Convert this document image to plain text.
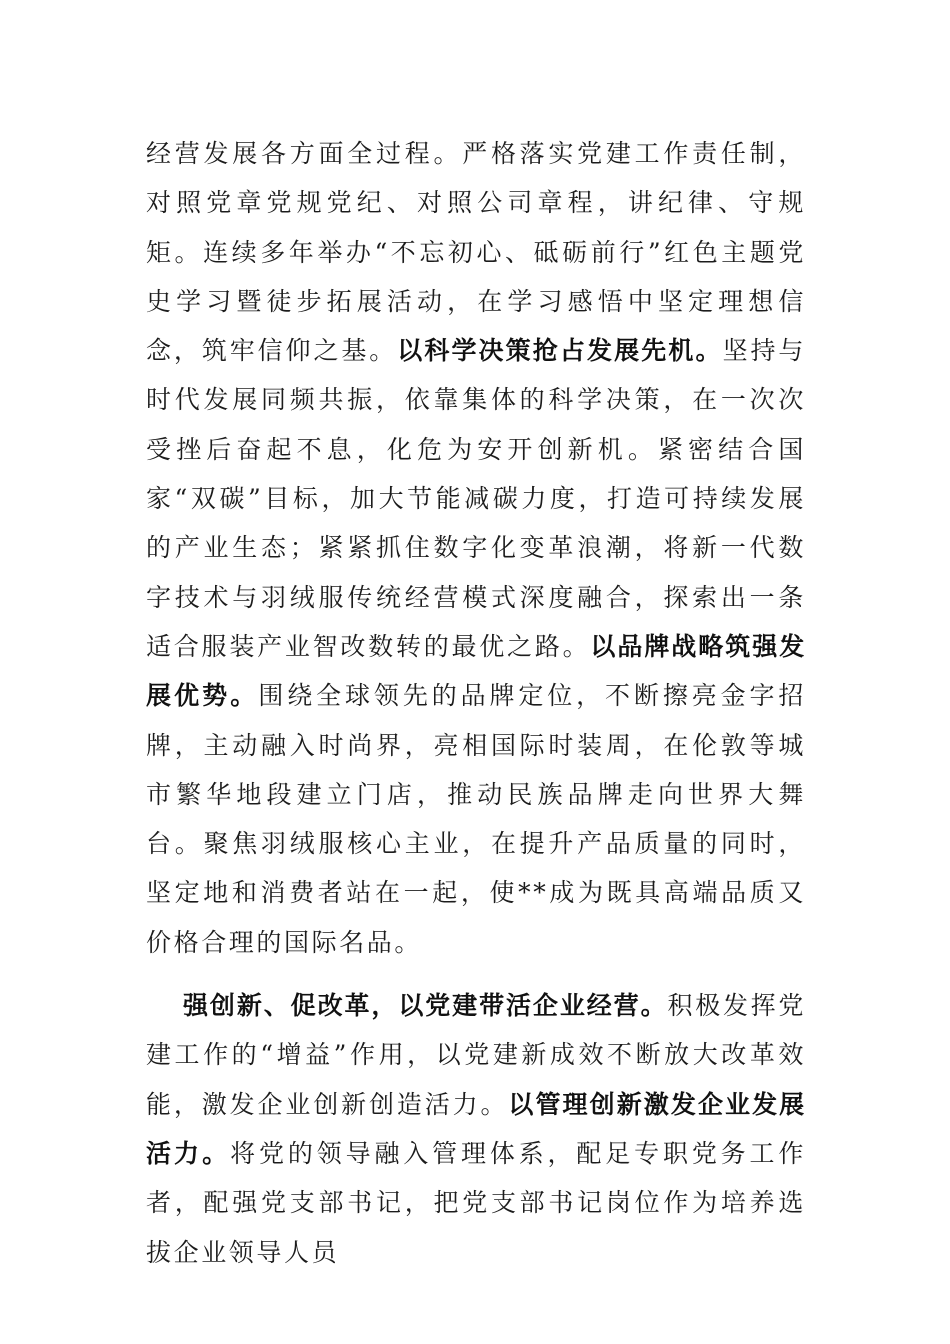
经营发展各方面全过程。严格落实党建工作责任制，对照党章党规党纪、对照公司章程，讲纪律、守规矩。连续多年举办“不忘初心、砥砺前行”红色主题党史学习暨徒步拓展活动，在学习感悟中坚定理想信念，筑牢信仰之基。以科学决策抢占发展先机。坚持与时代发展同频共振，依靠集体的科学决策，在一次次受挫后奋起不息，化危为安开创新机。紧密结合国家“双碳”目标，加大节能减碳力度，打造可持续发展的产业生态；紧紧抓住数字化变革浪潮，将新一代数字技术与羽绒服传统经营模式深度融合，探索出一条适合服装产业智改数转的最优之路。以品牌战略筑强发展优势。围绕全球领先的品牌定位，不断擦亮金字招牌，主动融入时尚界，亮相国际时装周，在伦敦等城市繁华地段建立门店，推动民族品牌走向世界大舞台。聚焦羽绒服核心主业，在提升产品质量的同时，坚定地和消费者站在一起，使**成为既具高端品质又价格合理的国际名品。

强创新、促改革，以党建带活企业经营。积极发挥党建工作的“增益”作用，以党建新成效不断放大改革效能，激发企业创新创造活力。以管理创新激发企业发展活力。将党的领导融入管理体系，配足专职党务工作者，配强党支部书记，把党支部书记岗位作为培养选拔企业领导人员
